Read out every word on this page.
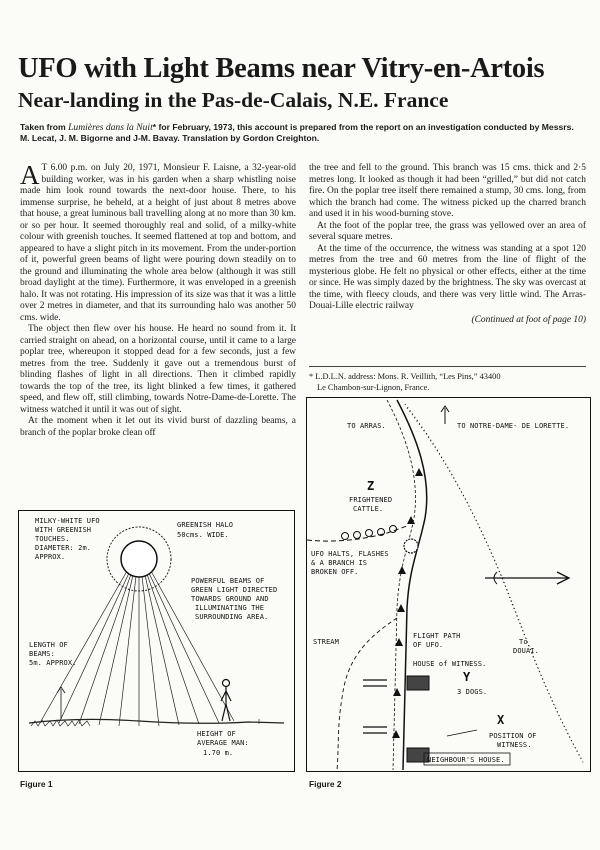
UFO with Light Beams near Vitry-en-Artois
Near-landing in the Pas-de-Calais, N.E. France
Taken from Lumières dans la Nuit* for February, 1973, this account is prepared from the report on an investigation conducted by Messrs. M. Lecat, J. M. Bigorne and J-M. Bavay. Translation by Gordon Creighton.

A T 6.00 p.m. on July 20, 1971, Monsieur F. Laisne, a 32-year-old building worker, was in his garden when a sharp whistling noise made him look round towards the next-door house. There, to his immense surprise, he beheld, at a height of just about 8 metres above that house, a great luminous ball travelling along at no more than 30 km. or so per hour. It seemed thoroughly real and solid, of a milky-white colour with greenish touches. It seemed flattened at top and bottom, and appeared to have a slight pitch in its movement. From the under-portion of it, powerful green beams of light were pouring down steadily on to the ground and illuminating the whole area below (although it was still broad daylight at the time). Furthermore, it was enveloped in a greenish halo. It was not rotating. His impression of its size was that it was a little over 2 metres in diameter, and that its surrounding halo was another 50 cms. wide.

The object then flew over his house. He heard no sound from it. It carried straight on ahead, on a horizontal course, until it came to a large poplar tree, whereupon it stopped dead for a few seconds, just a few metres from the tree. Suddenly it gave out a tremendous burst of blinding flashes of light in all directions. Then it climbed rapidly towards the top of the tree, its light blinked a few times, it gathered speed, and flew off, still climbing, towards Notre-Dame-de-Lorette. The witness watched it until it was out of sight.

At the moment when it let out its vivid burst of dazzling beams, a branch of the poplar broke clean off

the tree and fell to the ground. This branch was 15 cms. thick and 2·5 metres long. It looked as though it had been “grilled,” but did not catch fire. On the poplar tree itself there remained a stump, 30 cms. long, from which the branch had come. The witness picked up the charred branch and used it in his wood-burning stove.

At the foot of the poplar tree, the grass was yellowed over an area of several square metres.

At the time of the occurrence, the witness was standing at a spot 120 metres from the tree and 60 metres from the line of flight of the mysterious globe. He felt no physical or other effects, either at the time or since. He was simply dazed by the brightness. The sky was overcast at the time, with fleecy clouds, and there was very little wind. The Arras-Douai-Lille electric railway

(Continued at foot of page 10)
* L.D.L.N. address: Mons. R. Veillith, “Les Pins,” 43400
Le Chambon-sur-Lignon, France.
MILKY-WHITE UFO
WITH GREENISH
TOUCHES.
DIAMETER: 2m.
APPROX.
GREENISH HALO
50cms. WIDE.
POWERFUL BEAMS OF
GREEN LIGHT DIRECTED
TOWARDS GROUND AND
ILLUMINATING THE
SURROUNDING AREA.
LENGTH OF
BEAMS:
5m. APPROX.
HEIGHT OF
AVERAGE MAN:
1.70 m.
Figure 1
TO ARRAS.	TO NOTRE-DAME- DE LORETTE.
Z
FRIGHTENED
CATTLE.
UFO HALTS, FLASHES
& A BRANCH IS
BROKEN OFF.
STREAM
FLIGHT PATH
OF UFO.
HOUSE of WITNESS.
Y
3 DOGS.
To
DOUAI.
X
POSITION OF
WITNESS.
NEIGHBOUR'S HOUSE.
Figure 2
